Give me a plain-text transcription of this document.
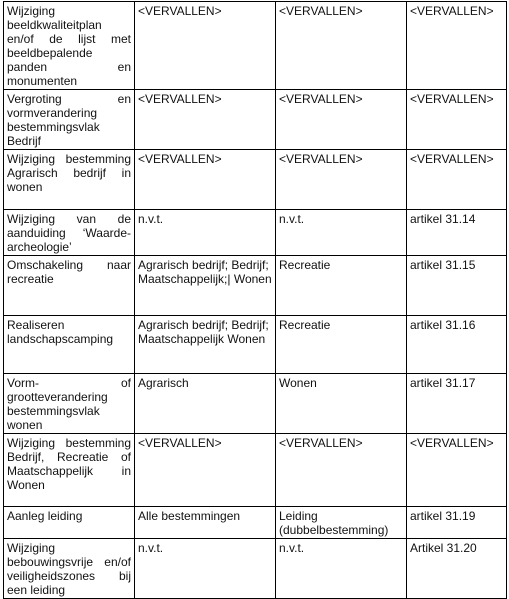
Wijziging beeldkwaliteitplan en/of de lijst met beeldbepalende panden en monumenten	<VERVALLEN>	<VERVALLEN>	<VERVALLEN>
Vergroting en vormverandering bestemmingsvlak Bedrijf	<VERVALLEN>	<VERVALLEN>	<VERVALLEN>
Wijziging bestemming Agrarisch bedrijf in wonen	<VERVALLEN>	<VERVALLEN>	<VERVALLEN>
Wijziging van de aanduiding ‘Waarde-archeologie’	n.v.t.	n.v.t.	artikel 31.14
Omschakeling naar recreatie	Agrarisch bedrijf; Bedrijf; Maatschappelijk;| Wonen	Recreatie	artikel 31.15
Realiseren landschapscamping	Agrarisch bedrijf; Bedrijf; Maatschappelijk Wonen	Recreatie	artikel 31.16
Vorm- of grootteverandering bestemmingsvlak wonen	Agrarisch	Wonen	artikel 31.17
Wijziging bestemming Bedrijf, Recreatie of Maatschappelijk in Wonen	<VERVALLEN>	<VERVALLEN>	<VERVALLEN>
Aanleg leiding	Alle bestemmingen	Leiding (dubbelbestemming)	artikel 31.19
Wijziging bebouwingsvrije en/of veiligheidszones bij een leiding	n.v.t.	n.v.t.	Artikel 31.20
